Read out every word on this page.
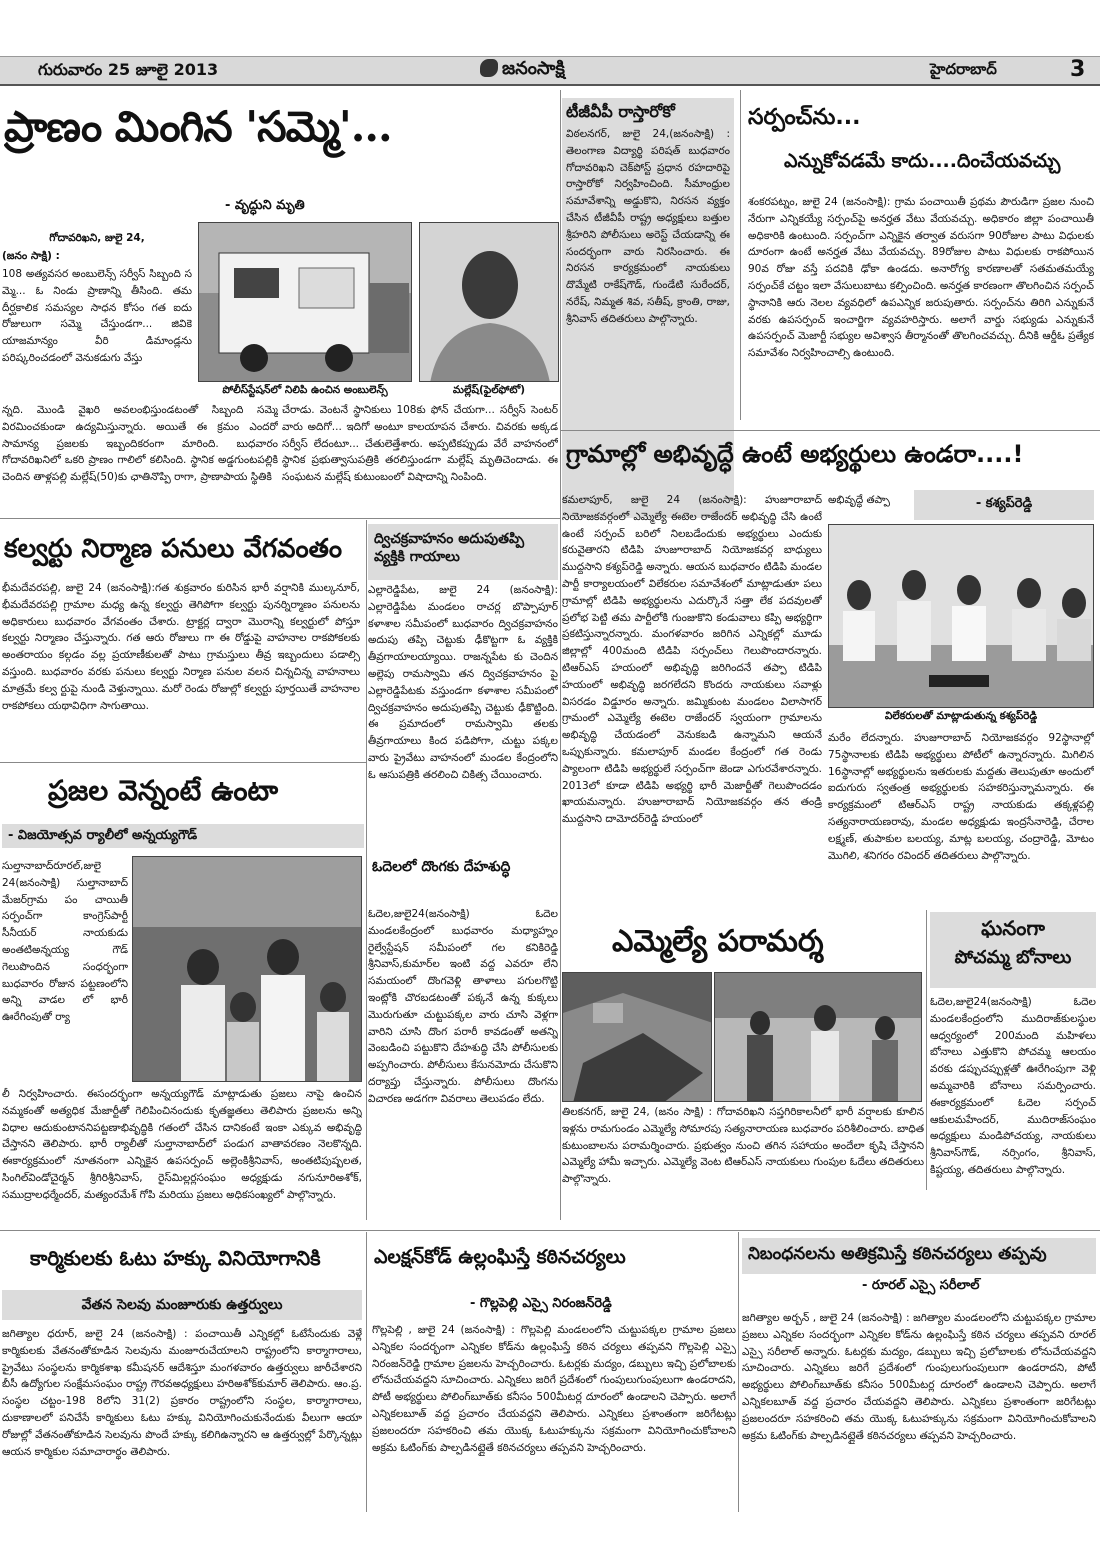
గురువారం 25 జూలై 2013	జనంసాక్షి	హైదరాబాద్	3
ప్రాణం మింగిన 'సమ్మె'...
- వృద్ధుని మృతి
గోదావరిఖని, జులై 24,
(జనం సాక్షి) :
108 అత్యవసర అంబులెన్స్ సర్వీస్ సిబ్బంది స మ్మె... ఓ నిండు ప్రాణాన్ని తీసింది. తమ దీర్ఘకాలిక సమస్యల సాధన కోసం గత ఐదు రోజులుగా సమ్మె చేస్తుండగా... జివికె యాజమాన్యం వీరి డిమాండ్లను పరిష్కరించడంలో వెనుకడుగు వేస్తు
పోలీస్‌స్టేషన్‌లో నిలిపి ఉంచిన అంబులెన్స్	మల్లేష్(ఫైల్‌ఫోటో)
న్నది. మొండి వైఖరి అవలంభిస్తుండటంతో సిబ్బంది సమ్మె విరమించకుండా ఉద్యమిస్తున్నారు. అయితే ఈ క్రమం ఎందరో సామాన్య ప్రజలకు ఇబ్బందికరంగా మారింది. బుధవారం గోదావరిఖనిలో ఒకరి ప్రాణం గాలిలో కలిసింది. స్థానిక అడ్డగుంటపల్లికి చెందిన తాళ్లపల్లి మల్లేష్(50)కు ఛాతినొప్పి రాగా, ప్రాణాపాయ స్థితికి
చేరాడు. వెంటనే స్థానికులు 108కు ఫోన్ చేయగా... సర్వీస్ సెంటర్ వారు అదిగో... ఇదిగో అంటూ కాలయాపన చేశారు. చివరకు అక్కడ సర్వీస్ లేదంటూ... చేతులెత్తేశారు. అప్పటికప్పుడు వేరే వాహనంలో స్థానిక ప్రభుత్వాసుపత్రికి తరలిస్తుండగా మల్లేష్ మృతిచెందాడు. ఈ సంఘటన మల్లేష్ కుటుంబంలో విషాదాన్ని నింపింది.
టీజీవీపీ రాస్తారోకో
విఠలనగర్, జులై 24,(జనంసాక్షి) : తెలంగాణ విద్యార్థి పరిషత్ బుధవారం గోదావరిఖని చెక్‌పోస్ట్ ప్రధాన రహదారిపై రాస్తారోకో నిర్వహించింది. సీమాంధ్రుల సమావేశాన్ని అడ్డుకొని, నిరసన వ్యక్తం చేసిన టీజీవీపీ రాష్ట్ర అధ్యక్షులు బత్తుల శ్రీహరిని పోలీసులు అరెస్ట్ చేయడాన్ని ఈ సందర్భంగా వారు నిరసించారు. ఈ నిరసన కార్యక్రమంలో నాయకులు దొమ్మేటి రాకేష్‌గౌడ్, గుండేటి సురేందర్, నరేష్, నిమ్మత శివ, సతీష్, క్రాంతి, రాజు, శ్రీనివాస్ తదితరులు పాల్గొన్నారు.
సర్పంచ్‌ను...
ఎన్నుకోవడమే కాదు....దించేయవచ్చు
శంకరపట్నం, జులై 24 (జనంసాక్షి): గ్రామ పంచాయితీ ప్రథమ పౌరుడిగా ప్రజల నుంచి నేరుగా ఎన్నికయ్యే సర్పంచ్‌పై అనర్హత వేటు వేయవచ్చు. అధికారం జిల్లా పంచాయితీ అధికారికి ఉంటుంది. సర్పంచ్‌గా ఎన్నికైన తర్వాత వరుసగా 90రోజుల పాటు విధులకు దూరంగా ఉంటే అనర్హత వేటు వేయవచ్చు. 89రోజుల పాటు విధులకు రాకపోయిన 90వ రోజు వస్తే పదవికి ఢోకా ఉండదు. అనారోగ్య కారణాలతో సతమతమయ్యే సర్పంచ్‌కే చట్టం ఇలా వేసులుబాటు కల్పించింది. అనర్హత కారణంగా తొలగించిన సర్పంచ్ స్థానానికి ఆరు నెలల వ్యవధిలో ఉపఎన్నిక జరుపుతారు. సర్పంచ్‌ను తిరిగి ఎన్నుకునే వరకు ఉపసర్పంచ్ ఇంచార్జిగా వ్యవహరిస్తారు. అలాగే వార్డు సభ్యుడు ఎన్నుకునే ఉపసర్పంచ్ మెజార్టీ సభ్యుల అవిశ్వాస తీర్మానంతో తొలగించవచ్చు. దీనికి ఆర్డీఓ ప్రత్యేక సమావేశం నిర్వహించాల్సి ఉంటుంది.
గ్రామాల్లో అభివృద్ధే ఉంటే అభ్యర్థులు ఉండరా....!
- కశ్యప్‌రెడ్డి
కమలాపూర్, జులై 24 (జనంసాక్షి): హుజూరాబాద్ నియోజకవర్గంలో ఎమ్మెల్యే ఈటెల రాజేందర్ అభివృద్ధి చేసి ఉంటే ఉంటే సర్పంచ్ బరిలో నిలబడేందుకు అభ్యర్థులు ఎందుకు కరువైతారని టిడిపి హుజూరాబాద్ నియోజకవర్గ బాధ్యులు ముద్దసాని కశ్యప్‌రెడ్డి అన్నారు. ఆయన బుధవారం టిడిపి మండల పార్టీ కార్యాలయంలో విలేకరుల సమావేశంలో మాట్లాడుతూ పలు గ్రామాల్లో టిడిపి అభ్యర్థులను ఎదుర్కొనే సత్తా లేక పదవులతో ప్రలోభ పెట్టి తమ పార్టీలోకి గుంజుకొని కండువాలు కప్పి అభ్యర్థిగా ప్రకటిస్తున్నారన్నారు. మంగళవారం జరిగిన ఎన్నికల్లో మూడు జిల్లాల్లో 400మంది టిడిపి సర్పంచ్‌లు గెలుపొందారన్నారు. టిఆర్‌ఎస్ హయంలో అభివృద్ధి జరిగిందనే తప్పా టిడిపి హయంలో అభివృద్ధి జరగలేదని కొందరు నాయకులు సవాళ్లు విసరడం విడ్డూరం అన్నారు. జమ్మికుంట మండలం విలాసాగర్ గ్రామంలో ఎమ్మెల్యే ఈటెల రాజేందర్ స్వయంగా గ్రామాలను అభివృద్ధి చేయడంలో వెనుకబడి ఉన్నామని ఆయనే ఒప్పుకున్నారు. కమలాపూర్ మండల కేంద్రంలో గత రెండు ప్యాలంగా టిడిపి అభ్యర్థులే సర్పంచ్‌గా జెండా ఎగురవేశారన్నారు. 2013లో కూడా టిడిపి అభ్యర్థి భారీ మెజార్టీతో గెలుపొందడం ఖాయమన్నారు. హుజూరాబాద్ నియోజకవర్గం తన తండ్రి ముద్దసాని దామోదర్‌రెడ్డి హయంలో
అభివృద్ధే తప్పా
విలేకరులతో మాట్లాడుతున్న కశ్యప్‌రెడ్డి
మరేం లేదన్నారు. హుజూరాబాద్ నియోజకవర్గం 92స్థానాల్లో 75స్థానాలకు టిడిపి అభ్యర్థులు పోటీలో ఉన్నారన్నారు. మిగిలిన 16స్థానాల్లో అభ్యర్థులను ఇతరులకు మద్దతు తెలుపుతూ అందులో ఐదుగురు స్వతంత్ర అభ్యర్థులకు సహకరిస్తున్నామన్నారు. ఈ కార్యక్రమంలో టిఆర్‌ఎస్ రాష్ట్ర నాయకుడు తక్కళ్లపల్లి సత్యనారాయణరావు, మండల అధ్యక్షుడు ఇంద్రసేనారెడ్డి, చేరాల లక్ష్మణ్, తుపాకుల బలయ్య, మాట్ల బలయ్య, చంద్రారెడ్డి, మోటం మొగిలి, శనిగరం రవిందర్ తదితరులు పాల్గొన్నారు.
కల్వర్టు నిర్మాణ పనులు వేగవంతం
భీమదేవరపల్లి, జులై 24 (జనంసాక్షి):గత శుక్రవారం కురిసిన భారీ వర్షానికి ముల్కనూర్, భీమదేవరపల్లి గ్రామాల మధ్య ఉన్న కల్వర్టు తెగిపోగా కల్వర్టు పునర్నిర్మాణం పనులను అధికారులు బుధవారం వేగవంతం చేశారు. ట్రాక్టర్ల ద్వారా మొరాన్ని కల్వర్టులో పోస్తూ కల్వర్టు నిర్మాణం చేస్తున్నారు. గత ఆరు రోజులు గా ఈ రోడ్డుపై వాహనాల రాకపోకలకు అంతరాయం కల్గడం వల్ల ప్రయాణీకులతో పాటు గ్రామస్తులు తీవ్ర ఇబ్బందులు పడాల్సి వస్తుంది. బుధవారం వరకు పనులు కల్వర్టు నిర్మాణ పనుల వలన చిన్నచిన్న వాహనాలు మాత్రమే కల్వ ర్టుపై నుండి వెళ్తున్నాయి. మరో రెండు రోజుల్లో కల్వర్టు పూర్తయితే వాహనాల రాకపోకలు యథావిధిగా సాగుతాయి.
ద్విచక్రవాహనం అదుపుతప్పి వ్యక్తికి గాయాలు
ఎల్లారెడ్డిపేట, జులై 24 (జనంసాక్షి): ఎల్లారెడ్డిపేట మండలం రాచర్ల బొప్పాపూర్ కళాశాల సమీపంలో బుధవారం ద్విచక్రవాహనం అదుపు తప్పి చెట్టుకు ఢీకొట్టగా ఓ వ్యక్తికి తీవ్రగాయాలయ్యాయి. రాజన్నపేట కు చెందిన అల్లెపు రామస్వామి తన ద్విచక్రవాహనం పై ఎల్లారెడ్డిపేటకు వస్తుండగా కళాశాల సమీపంలో ద్విచక్రవాహనం అదుపుతప్పి చెట్టుకు ఢీకొట్టింది. ఈ ప్రమాదంలో రామస్వామి తలకు తీవ్రగాయాలు కింద పడిపోగా, చుట్టు పక్కల వారు ప్రైవేటు వాహనంలో మండల కేంద్రంలోని ఓ ఆసుపత్రికి తరలించి చికిత్స చేయించారు.
ఓదెలలో దొంగకు దేహశుద్ధి
ఓదెల,జులై24(జనంసాక్షి) ఓదెల మండలకేంద్రంలో బుధవారం మధ్యాహ్నం రైల్వేస్టేషన్ సమీపంలో గల కనికిరెడ్డి శ్రీనివాస్,కుమార్‌ల ఇంటి వద్ద ఎవరూ లేని సమయంలో దొంగవెళ్లి తాళాలు పగులగొట్టి ఇంట్లోకి చొరబడటంతో పక్కనే ఉన్న కుక్కలు మొరుగుతూ చుట్టుపక్కల వారు చూసి వెళ్లగా వారిని చూసి దొంగ పరారీ కావడంతో అతన్ని వెంబడించి పట్టుకొని దేహశుద్ధి చేసి పోలీసులకు అప్పగించారు. పోలీసులు కేసునమోదు చేసుకొని దర్యాప్తు చేస్తున్నారు. పోలీసులు దొంగను విచారణ అడగగా వివరాలు తెలుపడం లేదు.
ప్రజల వెన్నంటే ఉంటా
- విజయోత్సవ ర్యాలీలో అన్నయ్యగౌడ్
సుల్తానాబాద్‌రూరల్,జులై 24(జనంసాక్షి) సుల్తానాబాద్ మేజర్‌గ్రామ పం చాయితీ సర్పంచ్‌గా కాంగ్రెస్‌పార్టీ సీనీయర్ నాయకుడు అంతటిఅన్నయ్య గౌడ్ గెలుపొందిన సంధర్భంగా బుధవారం రోజున పట్టణంలోని అన్ని వాడల లో భారీ ఊరేగింపుతో ర్యా
లీ నిర్వహించారు. ఈసందర్భంగా అన్నయ్యగౌడ్ మాట్లాడుతు ప్రజలు నాపై ఉంచిన నమ్మకంతో అత్యధిక మేజార్టీతో గెలిపించినందుకు కృతజ్ఞతలు తెలిపారు ప్రజలను అన్ని విధాల ఆదుకుంటాననిపట్టణాభివృద్ధికి గతంలో చేసిన దానికంటే ఇంకా ఎక్కువ అభివృద్ధి చేస్తానని తెలిపారు. భారీ ర్యాలీతో సుల్తానాబాద్‌లో పండుగ వాతావరణం నెలకొన్నది. ఈకార్యక్రమంలో నూతనంగా ఎన్నికైన ఉపసర్పంచ్ అల్లెంకిశ్రీనివాస్, అంతటిపుష్పలత, సింగిల్‌విండోచైర్మన్ శ్రీగిరిశ్రీనివాస్, రైస్‌మిల్లర్లసంఘం అధ్యక్షుడు నగునూరిఅశోక్, సముద్రాలధర్మేందర్, మత్యంరమేశ్ గోపి మరియు ప్రజలు అధికసంఖ్యలో పాల్గొన్నారు.
ఎమ్మెల్యే పరామర్శ
తిలకనగర్, జులై 24, (జనం సాక్షి) : గోదావరిఖని సప్తగిరికాలనీలో భారీ వర్షాలకు కూలిన ఇళ్లను రామగుండం ఎమ్మెల్యే సోమారపు సత్యనారాయణ బుధవారం పరిశీలించారు. బాధిత కుటుంబాలను పరామర్శించారు. ప్రభుత్వం నుంచి తగిన సహాయం అందేలా కృషి చేస్తానని ఎమ్మెల్యే హామీ ఇచ్చారు. ఎమ్మెల్యే వెంట టిఆర్‌ఎస్ నాయకులు గుంపుల ఓదేలు తదితరులు పాల్గొన్నారు.
ఘనంగా
పోచమ్మ బోనాలు
ఓదెల,జులై24(జనంసాక్షి) ఓదెల మండలకేంద్రంలోని ముదిరాజ్‌కులస్థుల ఆధ్వర్యంలో 200మంది మహిళలు బోనాలు ఎత్తుకొని పోచమ్మ ఆలయం వరకు డప్పుచప్పుళ్లతో ఊరేగింపుగా వెళ్లి అమ్మవారికి బోనాలు సమర్పించారు. ఈకార్యక్రమంలో ఓదెల సర్పంచ్ ఆకులమహేందర్, ముదిరాజ్‌సంఘం అధ్యక్షులు మండిపోచయ్య, నాయకులు శ్రీనివాస్‌గౌడ్, నర్సింగం, శ్రీనివాస్, కిష్టయ్య, తదితరులు పాల్గొన్నారు.
కార్మికులకు ఓటు హక్కు వినియోగానికి
వేతన సెలవు మంజూరుకు ఉత్తర్వులు
జగిత్యాల ధరూర్, జులై 24 (జనంసాక్షి) : పంచాయితీ ఎన్నికల్లో ఓటేసేందుకు వెళ్లే కార్మికులకు వేతనంతోకూడిన సెలవును మంజూరుచేయాలని రాష్ట్రంలోని కార్మాగారాలు, ప్రైవేటు సంస్థలను కార్మికశాఖ కమీషనర్ ఆదేశిస్తూ మంగళవారం ఉత్తర్వులు జారీచేశారని బీసీ ఉద్యోగుల సంక్షేమసంఘం రాష్ట్ర గౌరవఅధ్యక్షులు హరిఅశోక్‌కుమార్ తెలిపారు. ఆం.ప్ర. సంస్థల చట్టం-198 8లోని 31(2) ప్రకారం రాష్ట్రంలోని సంస్థల, కార్మాగారాలు, దుకాణాలలో పనిచేసే కార్మికులు ఓటు హక్కు వినియోగించుకునేందుకు వీలుగా ఆయా రోజుల్లో వేతనంతోకూడిన సెలవును పొందే హక్కు కలిగిఉన్నారని ఆ ఉత్తర్వుల్లో పేర్కొన్నట్లు ఆయన కార్మికుల సమాచారార్థం తెలిపారు.
ఎలక్షన్‌కోడ్ ఉల్లంఘిస్తే కఠినచర్యలు
- గొల్లపెల్లి ఎస్సై నిరంజన్‌రెడ్డి
గొల్లపెల్లి , జులై 24 (జనంసాక్షి) : గొల్లపెల్లి మండలంలోని చుట్టుపక్కల గ్రామాల ప్రజలు ఎన్నికల సందర్భంగా ఎన్నికల కోడ్‌ను ఉల్లంఘిస్తే కఠిన చర్యలు తప్పవని గొల్లపెల్లి ఎస్సై నిరంజన్‌రెడ్డి గ్రామాల ప్రజలను హెచ్చరించారు. ఓటర్లకు మద్యం, డబ్బులు ఇచ్చి ప్రలోబాలకు లోనుచేయవద్దని సూచించారు. ఎన్నికలు జరిగే ప్రదేశంలో గుంపులుగుంపులుగా ఉండరాదని, పోటీ అభ్యర్థులు పోలింగ్‌బూత్‌కు కనీసం 500మీటర్ల దూరంలో ఉండాలని చెప్పారు. అలాగే ఎన్నికలబూత్ వద్ద ప్రచారం చేయవద్దని తెలిపారు. ఎన్నికలు ప్రశాంతంగా జరిగేటట్లు ప్రజలందరూ సహకరించి తమ యొక్క ఓటుహక్కును సక్రమంగా వినియోగించుకోవాలని అక్రమ ఓటింగ్‌కు పాల్పడినట్లైతే కఠినచర్యలు తప్పవని హెచ్చరించారు.
నిబంధనలను అతిక్రమిస్తే కఠినచర్యలు తప్పవు
- రూరల్ ఎస్సై సరీలాల్
జగిత్యాల అర్బన్ , జులై 24 (జనంసాక్షి) : జగిత్యాల మండలంలోని చుట్టుపక్కల గ్రామాల ప్రజలు ఎన్నికల సందర్భంగా ఎన్నికల కోడ్‌ను ఉల్లంఘిస్తే కఠిన చర్యలు తప్పవని రూరల్ ఎస్సై సరీలాల్ అన్నారు. ఓటర్లకు మద్యం, డబ్బులు ఇచ్చి ప్రలోబాలకు లోనుచేయవద్దని సూచించారు. ఎన్నికలు జరిగే ప్రదేశంలో గుంపులుగుంపులుగా ఉండరాదని, పోటీ అభ్యర్థులు పోలింగ్‌బూత్‌కు కనీసం 500మీటర్ల దూరంలో ఉండాలని చెప్పారు. అలాగే ఎన్నికలబూత్ వద్ద ప్రచారం చేయవద్దని తెలిపారు. ఎన్నికలు ప్రశాంతంగా జరిగేటట్లు ప్రజలందరూ సహకరించి తమ యొక్క ఓటుహక్కును సక్రమంగా వినియోగించుకోవాలని అక్రమ ఓటింగ్‌కు పాల్పడినట్లైతే కఠినచర్యలు తప్పవని హెచ్చరించారు.
